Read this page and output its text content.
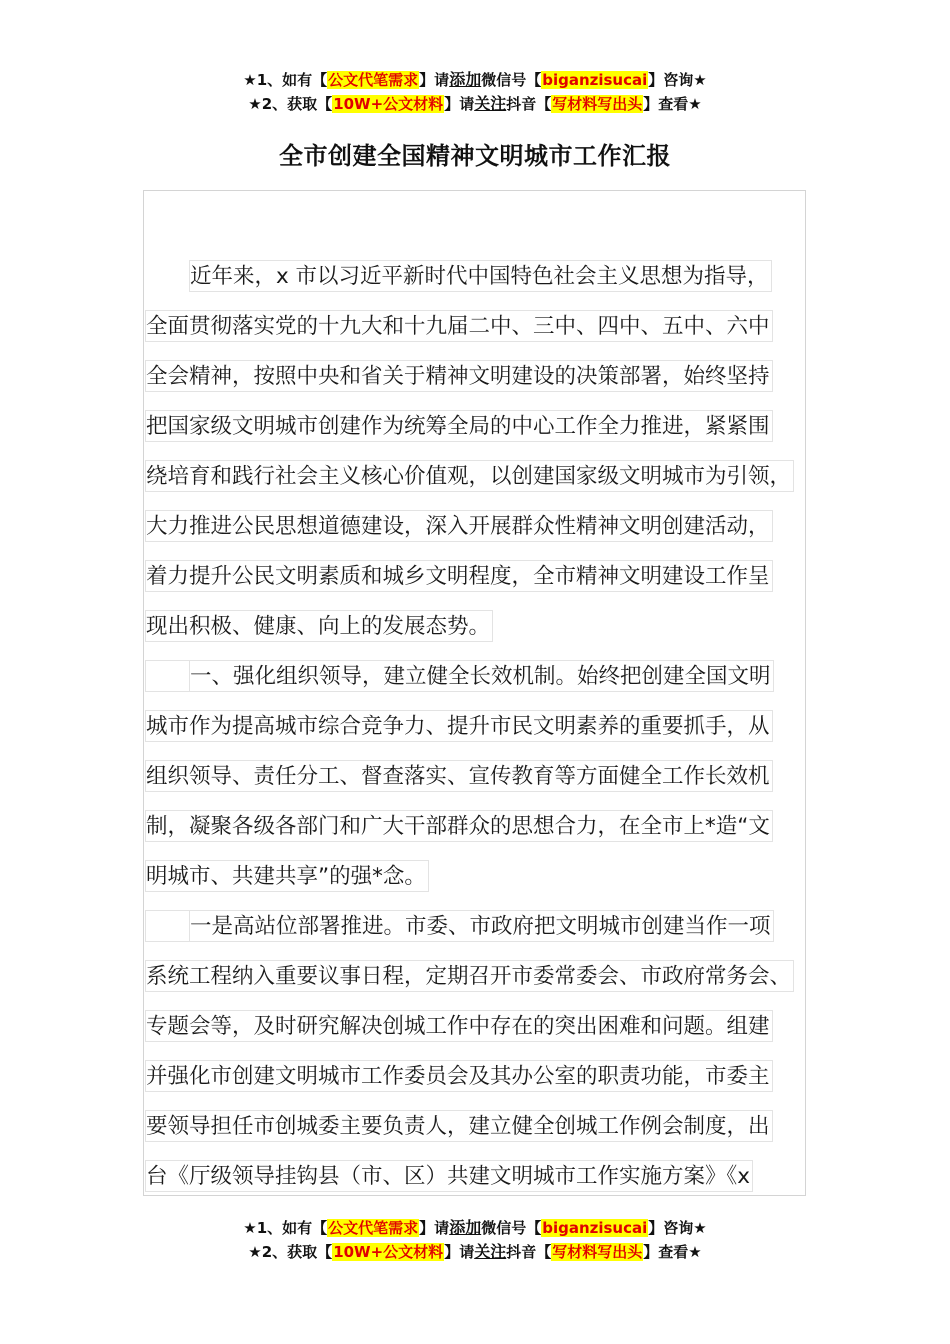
★1、如有【公文代笔需求】请添加微信号【biganzisucai】咨询★
★2、获取【10W+公文材料】请关注抖音【写材料写出头】查看★
全市创建全国精神文明城市工作汇报
近年来，x 市以习近平新时代中国特色社会主义思想为指导，
全面贯彻落实党的十九大和十九届二中、三中、四中、五中、六中
全会精神，按照中央和省关于精神文明建设的决策部署，始终坚持
把国家级文明城市创建作为统筹全局的中心工作全力推进，紧紧围
绕培育和践行社会主义核心价值观，以创建国家级文明城市为引领，
大力推进公民思想道德建设，深入开展群众性精神文明创建活动，
着力提升公民文明素质和城乡文明程度，全市精神文明建设工作呈
现出积极、健康、向上的发展态势。
一、强化组织领导，建立健全长效机制。始终把创建全国文明
城市作为提高城市综合竞争力、提升市民文明素养的重要抓手，从
组织领导、责任分工、督查落实、宣传教育等方面健全工作长效机
制，凝聚各级各部门和广大干部群众的思想合力，在全市上*造“文
明城市、共建共享”的强*念。
一是高站位部署推进。市委、市政府把文明城市创建当作一项
系统工程纳入重要议事日程，定期召开市委常委会、市政府常务会、
专题会等，及时研究解决创城工作中存在的突出困难和问题。组建
并强化市创建文明城市工作委员会及其办公室的职责功能，市委主
要领导担任市创城委主要负责人，建立健全创城工作例会制度，出
台《厅级领导挂钩县（市、区）共建文明城市工作实施方案》《x
★1、如有【公文代笔需求】请添加微信号【biganzisucai】咨询★
★2、获取【10W+公文材料】请关注抖音【写材料写出头】查看★
